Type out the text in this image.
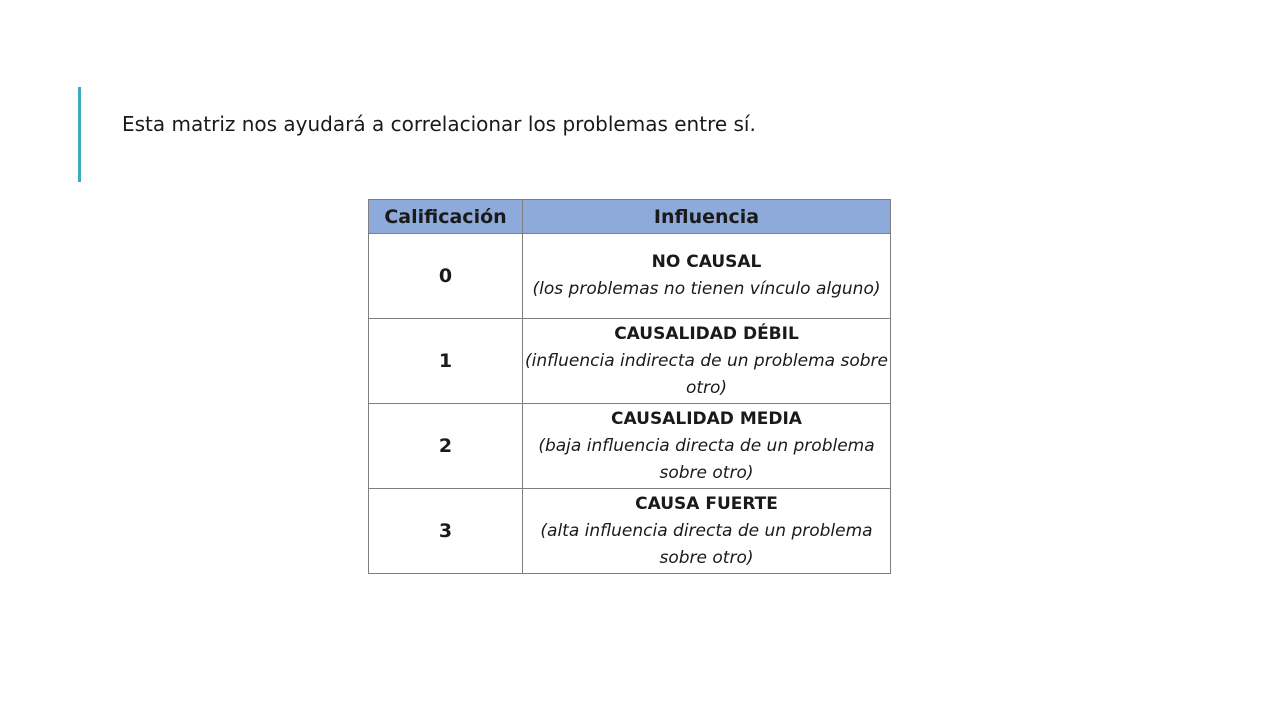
Esta matriz nos ayudará a correlacionar los problemas entre sí.
Calificación	Influencia
0	NO CAUSAL
(los problemas no tienen vínculo alguno)

1	CAUSALIDAD DÉBIL
(influencia indirecta de un problema sobre otro)

2	CAUSALIDAD MEDIA
(baja influencia directa de un problema sobre otro)

3	CAUSA FUERTE
(alta influencia directa de un problema sobre otro)
